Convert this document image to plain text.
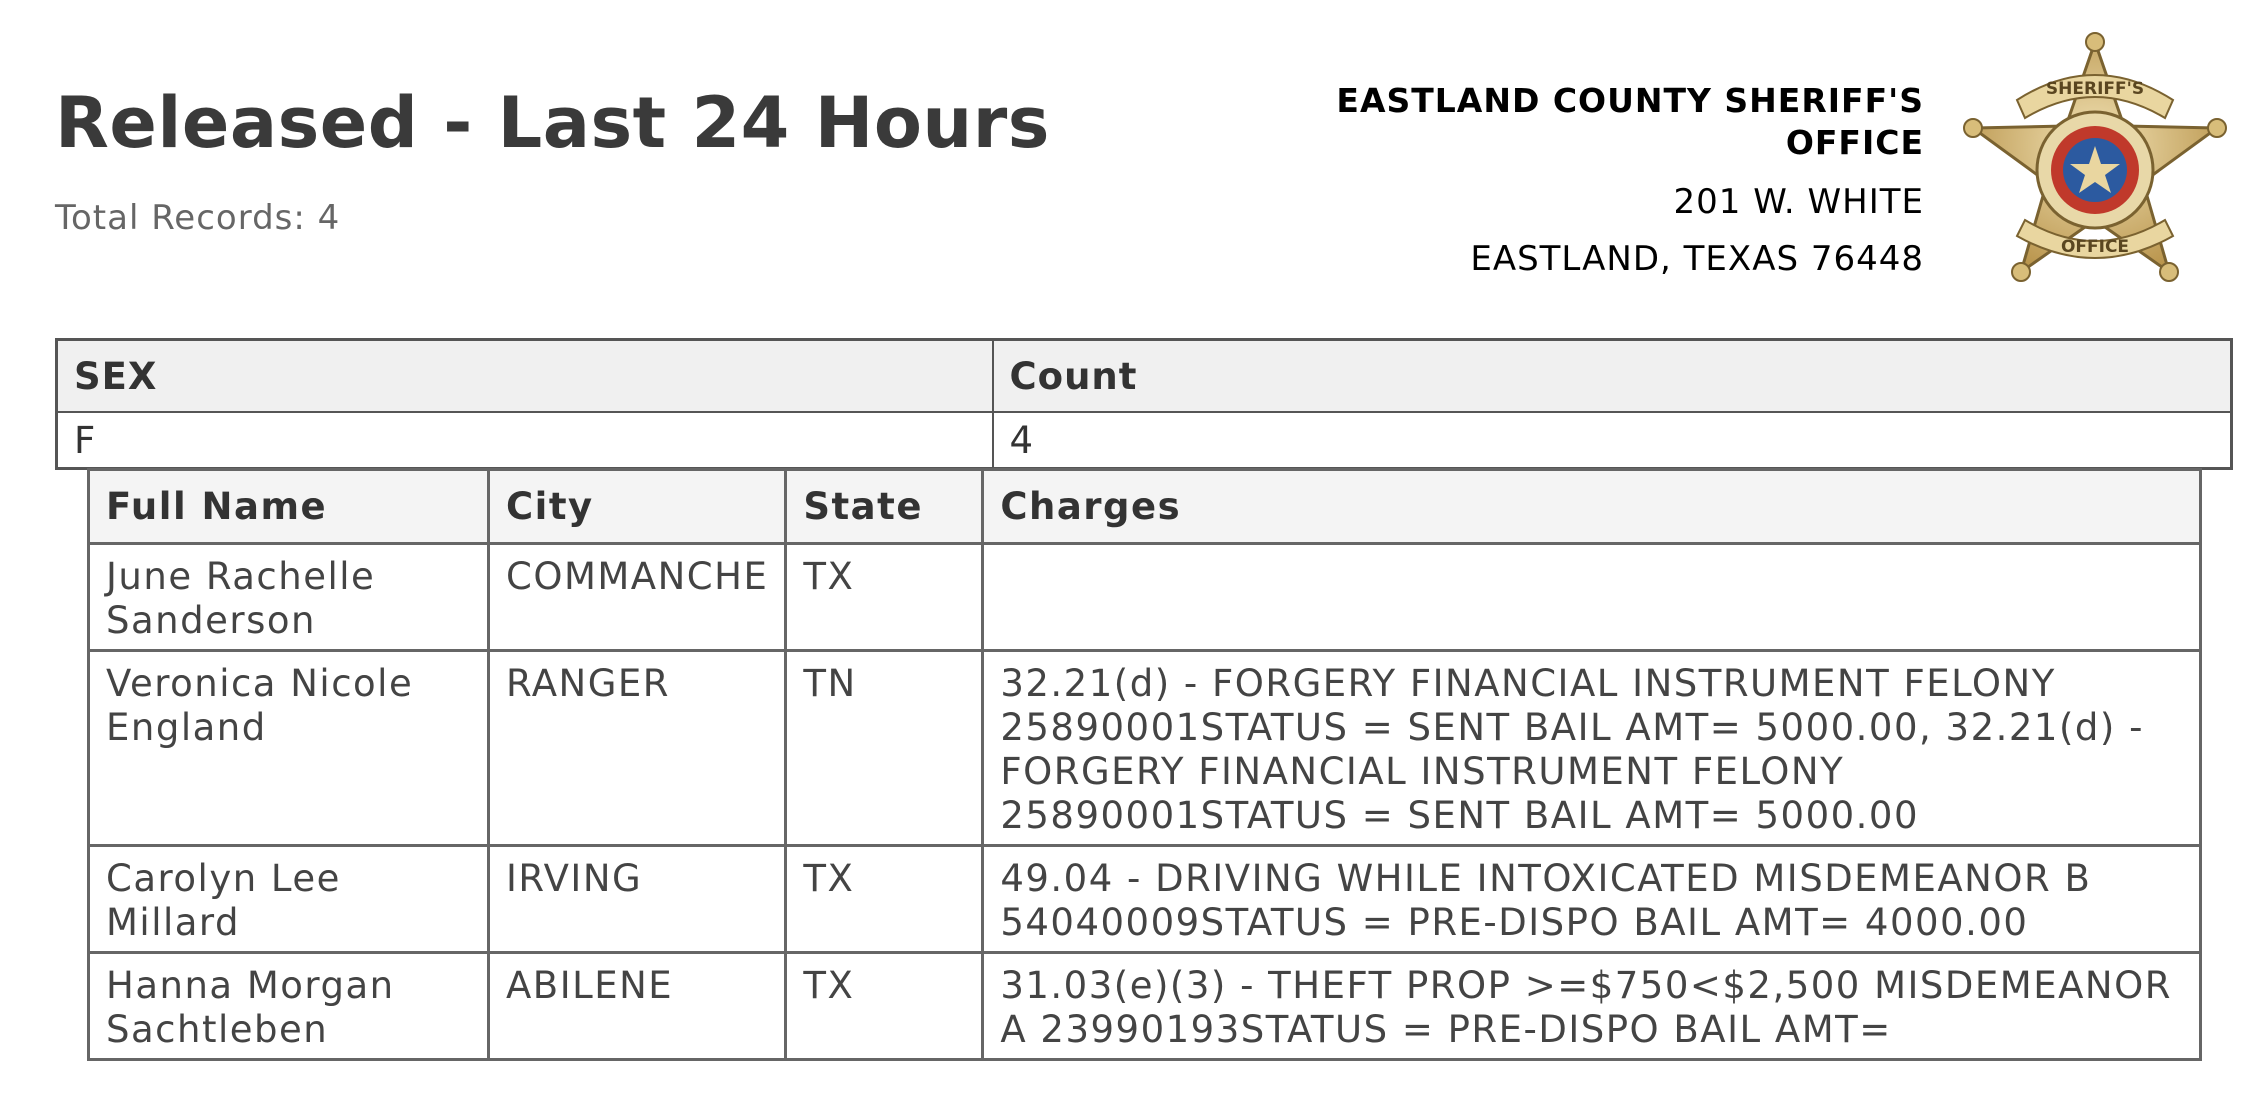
Released - Last 24 Hours
Total Records: 4
EASTLAND COUNTY SHERIFF'S
OFFICE
201 W. WHITE
EASTLAND, TEXAS 76448
SHERIFF'S
OFFICE
SEX	Count
F	4
Full Name	City	State	Charges
June Rachelle Sanderson	COMMANCHE	TX	
Veronica Nicole England	RANGER	TN	32.21(d) - FORGERY FINANCIAL INSTRUMENT FELONY 25890001STATUS = SENT BAIL AMT= 5000.00, 32.21(d) - FORGERY FINANCIAL INSTRUMENT FELONY 25890001STATUS = SENT BAIL AMT= 5000.00
Carolyn Lee Millard	IRVING	TX	49.04 - DRIVING WHILE INTOXICATED MISDEMEANOR B 54040009STATUS = PRE-DISPO BAIL AMT= 4000.00
Hanna Morgan Sachtleben	ABILENE	TX	31.03(e)(3) - THEFT PROP >=$750<$2,500 MISDEMEANOR A 23990193STATUS = PRE-DISPO BAIL AMT=
